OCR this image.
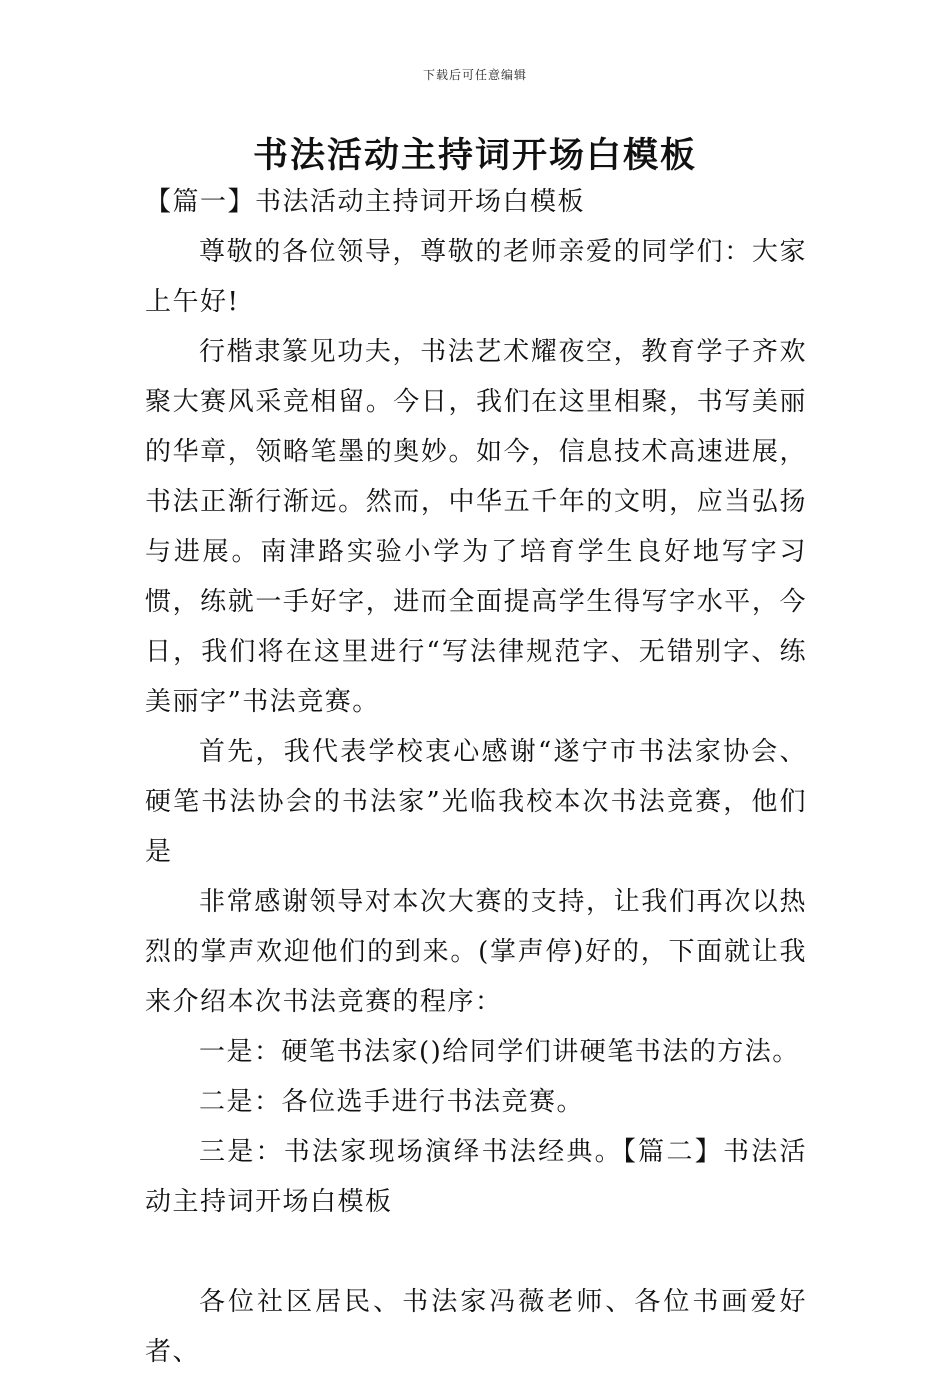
下载后可任意编辑
书法活动主持词开场白模板

【篇一】书法活动主持词开场白模板

尊敬的各位领导，尊敬的老师亲爱的同学们：大家上午好!

行楷隶篆见功夫，书法艺术耀夜空，教育学子齐欢聚大赛风采竞相留。今日，我们在这里相聚，书写美丽的华章，领略笔墨的奥妙。如今，信息技术高速进展，书法正渐行渐远。然而，中华五千年的文明，应当弘扬与进展。南津路实验小学为了培育学生良好地写字习惯，练就一手好字，进而全面提高学生得写字水平，今日，我们将在这里进行“写法律规范字、无错别字、练美丽字”书法竞赛。

首先，我代表学校衷心感谢“遂宁市书法家协会、硬笔书法协会的书法家”光临我校本次书法竞赛，他们是

非常感谢领导对本次大赛的支持，让我们再次以热烈的掌声欢迎他们的到来。(掌声停)好的，下面就让我来介绍本次书法竞赛的程序：

一是：硬笔书法家()给同学们讲硬笔书法的方法。

二是：各位选手进行书法竞赛。

三是：书法家现场演绎书法经典。【篇二】书法活动主持词开场白模板

各位社区居民、书法家冯薇老师、各位书画爱好者、
